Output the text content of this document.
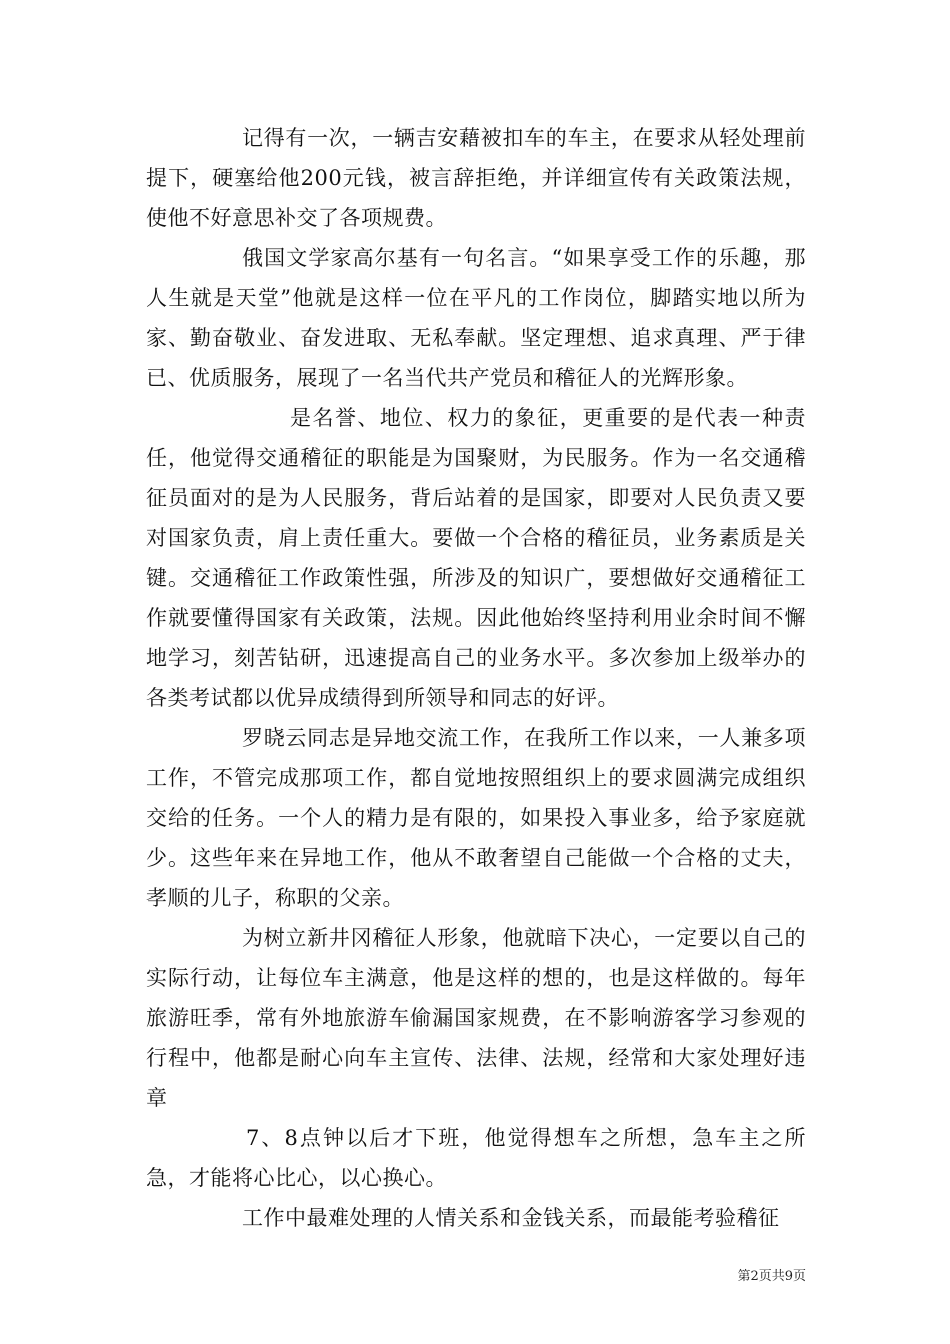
记得有一次，一辆吉安藉被扣车的车主，在要求从轻处理前提下，硬塞给他200元钱，被言辞拒绝，并详细宣传有关政策法规，使他不好意思补交了各项规费。

俄国文学家高尔基有一句名言。“如果享受工作的乐趣，那人生就是天堂”他就是这样一位在平凡的工作岗位，脚踏实地以所为家、勤奋敬业、奋发进取、无私奉献。坚定理想、追求真理、严于律已、优质服务，展现了一名当代共产党员和稽征人的光辉形象。

是名誉、地位、权力的象征，更重要的是代表一种责任，他觉得交通稽征的职能是为国聚财，为民服务。作为一名交通稽征员面对的是为人民服务，背后站着的是国家，即要对人民负责又要对国家负责，肩上责任重大。要做一个合格的稽征员，业务素质是关键。交通稽征工作政策性强，所涉及的知识广，要想做好交通稽征工作就要懂得国家有关政策，法规。因此他始终坚持利用业余时间不懈地学习，刻苦钻研，迅速提高自己的业务水平。多次参加上级举办的各类考试都以优异成绩得到所领导和同志的好评。

罗晓云同志是异地交流工作，在我所工作以来，一人兼多项工作，不管完成那项工作，都自觉地按照组织上的要求圆满完成组织交给的任务。一个人的精力是有限的，如果投入事业多，给予家庭就少。这些年来在异地工作，他从不敢奢望自己能做一个合格的丈夫，孝顺的儿子，称职的父亲。

为树立新井冈稽征人形象，他就暗下决心，一定要以自己的实际行动，让每位车主满意，他是这样的想的，也是这样做的。每年旅游旺季，常有外地旅游车偷漏国家规费，在不影响游客学习参观的行程中，他都是耐心向车主宣传、法律、法规，经常和大家处理好违章

7、8点钟以后才下班，他觉得想车之所想，急车主之所急，才能将心比心，以心换心。

工作中最难处理的人情关系和金钱关系，而最能考验稽征

第2页共9页
